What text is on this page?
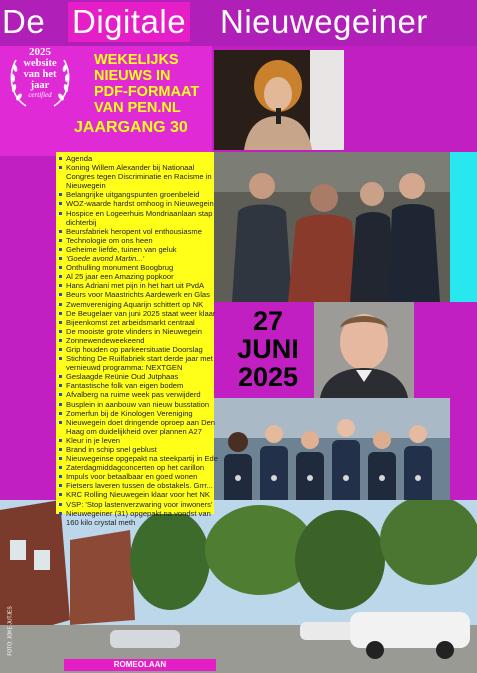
De Digitale Nieuwegeiner
2025
website
van het
jaar
certified
WEKELIJKS
NIEUWS IN
PDF-FORMAAT
VAN PEN.NL
JAARGANG 30
27
JUNI
2025
Agenda
Koning Willem Alexander bij Nationaal Congres tegen Discriminatie en Racisme in Nieuwegein
Belangrijke uitgangspunten groenbeleid
WOZ-waarde hardst omhoog in Nieuwegein
Hospice en Logeerhuis Mondriaanlaan stap dichterbij
Beursfabriek heropent vol enthousiasme
Technologie om ons heen
Geheime liefde, tuinen van geluk
'Goede avond Martin...'
Onthulling monument Boogbrug
Al 25 jaar een Amazing popkoor
Hans Adriani met pijn in het hart uit PvdA
Beurs voor Maastrichts Aardewerk en Glas
Zwemvereniging Aquarijn schittert op NK
De Beugelaer van juni 2025 staat weer klaar
Bijeenkomst zet arbeidsmarkt centraal
De mooiste grote vlinders in Nieuwegein
Zonnewendeweekeend
Grip houden op parkeersituatie Doorslag
Stichting De Ruilfabriek start derde jaar met vernieuwd programma: NEXTGEN
Geslaagde Reünie Oud Jutphaas
Fantastische folk van eigen bodem
Afvalberg na ruime week pas verwijderd
Busplein in aanbouw van nieuw busstation
Zomerfun bij de Kinologen Vereniging
Nieuwegein doet dringende oproep aan Den Haag om duidelijkheid over plannen A27
Kleur in je leven
Brand in schip snel geblust
Nieuwegeinse opgepakt na steekpartij in Ede
Zaterdagmiddagconcerten op het carillon
Impuls voor betaalbaar en goed wonen
Fietsers laveren tussen de obstakels. Grrr...
KRC Rolling Nieuwegein klaar voor het NK
VSP: 'Stop lastenverzwaring voor inwoners'
Nieuwegeiner (31) opgepakt na vondst van 160 kilo crystal meth
ROMEOLAAN
FOTO: JOKE JUTJES
